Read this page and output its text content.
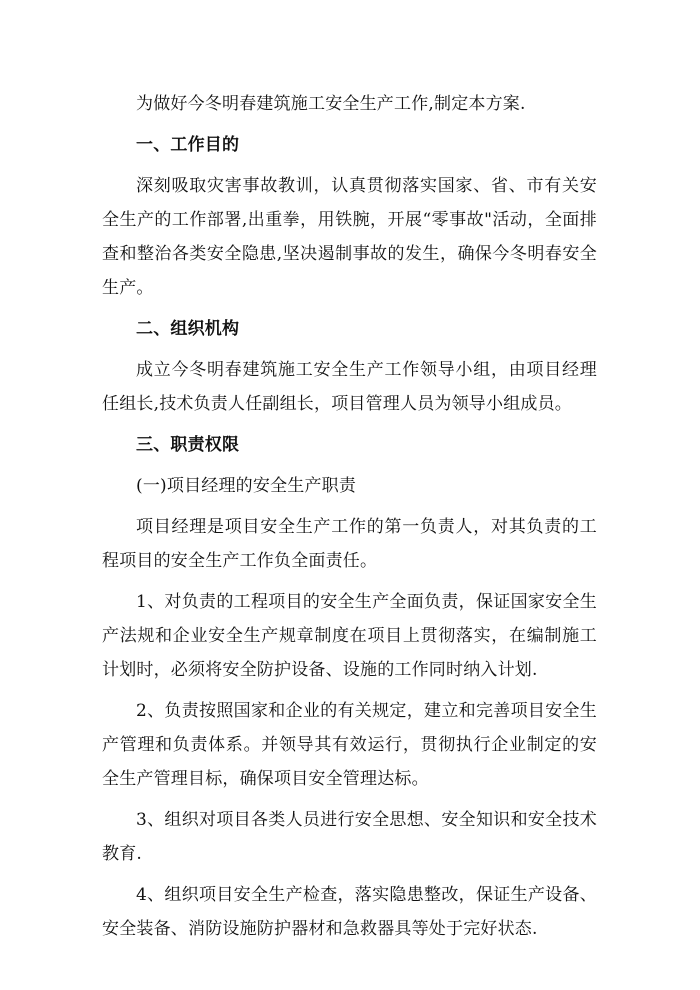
为做好今冬明春建筑施工安全生产工作,制定本方案.

一、工作目的

深刻吸取灾害事故教训，认真贯彻落实国家、省、市有关安全生产的工作部署,出重拳，用铁腕，开展“零事故"活动，全面排查和整治各类安全隐患,坚决遏制事故的发生，确保今冬明春安全生产。

二、组织机构

成立今冬明春建筑施工安全生产工作领导小组，由项目经理任组长,技术负责人任副组长，项目管理人员为领导小组成员。

三、职责权限

(一)项目经理的安全生产职责

项目经理是项目安全生产工作的第一负责人，对其负责的工程项目的安全生产工作负全面责任。

1、对负责的工程项目的安全生产全面负责，保证国家安全生产法规和企业安全生产规章制度在项目上贯彻落实，在编制施工计划时，必须将安全防护设备、设施的工作同时纳入计划.

2、负责按照国家和企业的有关规定，建立和完善项目安全生产管理和负责体系。并领导其有效运行，贯彻执行企业制定的安全生产管理目标，确保项目安全管理达标。

3、组织对项目各类人员进行安全思想、安全知识和安全技术教育.

4、组织项目安全生产检查，落实隐患整改，保证生产设备、安全装备、消防设施防护器材和急救器具等处于完好状态.
